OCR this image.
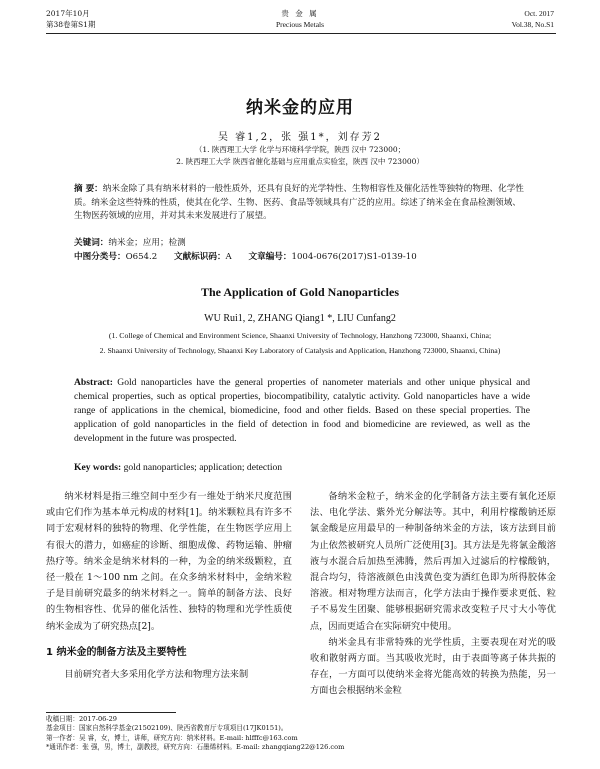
2017年10月
第38卷第S1期
贵 金 属
Precious Metals
Oct. 2017
Vol.38, No.S1
纳米金的应用
吴 睿1,2，张 强1*，刘存芳2
（1. 陕西理工大学 化学与环境科学学院，陕西 汉中 723000；
2. 陕西理工大学 陕西省催化基础与应用重点实验室，陕西 汉中 723000）
摘 要：纳米金除了具有纳米材料的一般性质外，还具有良好的光学特性、生物相容性及催化活性等独特的物理、化学性质。纳米金这些特殊的性质，使其在化学、生物、医药、食品等领域具有广泛的应用。综述了纳米金在食品检测领域、生物医药领域的应用，并对其未来发展进行了展望。
关键词：纳米金；应用；检测
中图分类号：O654.2 文献标识码：A 文章编号：1004-0676(2017)S1-0139-10
The Application of Gold Nanoparticles
WU Rui1, 2, ZHANG Qiang1 *, LIU Cunfang2
(1. College of Chemical and Environment Science, Shaanxi University of Technology, Hanzhong 723000, Shaanxi, China;
2. Shaanxi University of Technology, Shaanxi Key Laboratory of Catalysis and Application, Hanzhong 723000, Shaanxi, China)
Abstract: Gold nanoparticles have the general properties of nanometer materials and other unique physical and chemical properties, such as optical properties, biocompatibility, catalytic activity. Gold nanoparticles have a wide range of applications in the chemical, biomedicine, food and other fields. Based on these special properties. The application of gold nanoparticles in the field of detection in food and biomedicine are reviewed, as well as the development in the future was prospected.
Key words: gold nanoparticles; application; detection

纳米材料是指三维空间中至少有一维处于纳米尺度范围或由它们作为基本单元构成的材料[1]。纳米颗粒具有许多不同于宏观材料的独特的物理、化学性能，在生物医学应用上有很大的潜力，如癌症的诊断、细胞成像、药物运输、肿瘤热疗等。纳米金是纳米材料的一种，为金的纳米级颗粒，直径一般在 1～100 nm 之间。在众多纳米材料中，金纳米粒子是目前研究最多的纳米材料之一。简单的制备方法、良好的生物相容性、优异的催化活性、独特的物理和光学性质使纳米金成为了研究热点[2]。

1 纳米金的制备方法及主要特性

目前研究者大多采用化学方法和物理方法来制

备纳米金粒子，纳米金的化学制备方法主要有氧化还原法、电化学法、紫外光分解法等。其中，利用柠檬酸钠还原氯金酸是应用最早的一种制备纳米金的方法，该方法到目前为止依然被研究人员所广泛使用[3]。其方法是先将氯金酸溶液与水混合后加热至沸腾，然后再加入过滤后的柠檬酸钠，混合均匀，待溶液颜色由浅黄色变为酒红色即为所得胶体金溶液。相对物理方法而言，化学方法由于操作要求更低、粒子不易发生团聚、能够根据研究需求改变粒子尺寸大小等优点，因而更适合在实际研究中使用。

纳米金具有非常特殊的光学性质，主要表现在对光的吸收和散射两方面。当其吸收光时，由于表面等离子体共振的存在，一方面可以使纳米金将光能高效的转换为热能，另一方面也会根据纳米金粒

收稿日期：2017-06-29
基金项目：国家自然科学基金(21502109)、陕西省教育厅专项项目(17JK0151)。
第一作者：吴 睿，女，博士，讲师，研究方向：纳米材料。E-mail: hlfffc@163.com
*通讯作者：张 强，男，博士，副教授，研究方向：石墨烯材料。E-mail: zhangqiang22@126.com
